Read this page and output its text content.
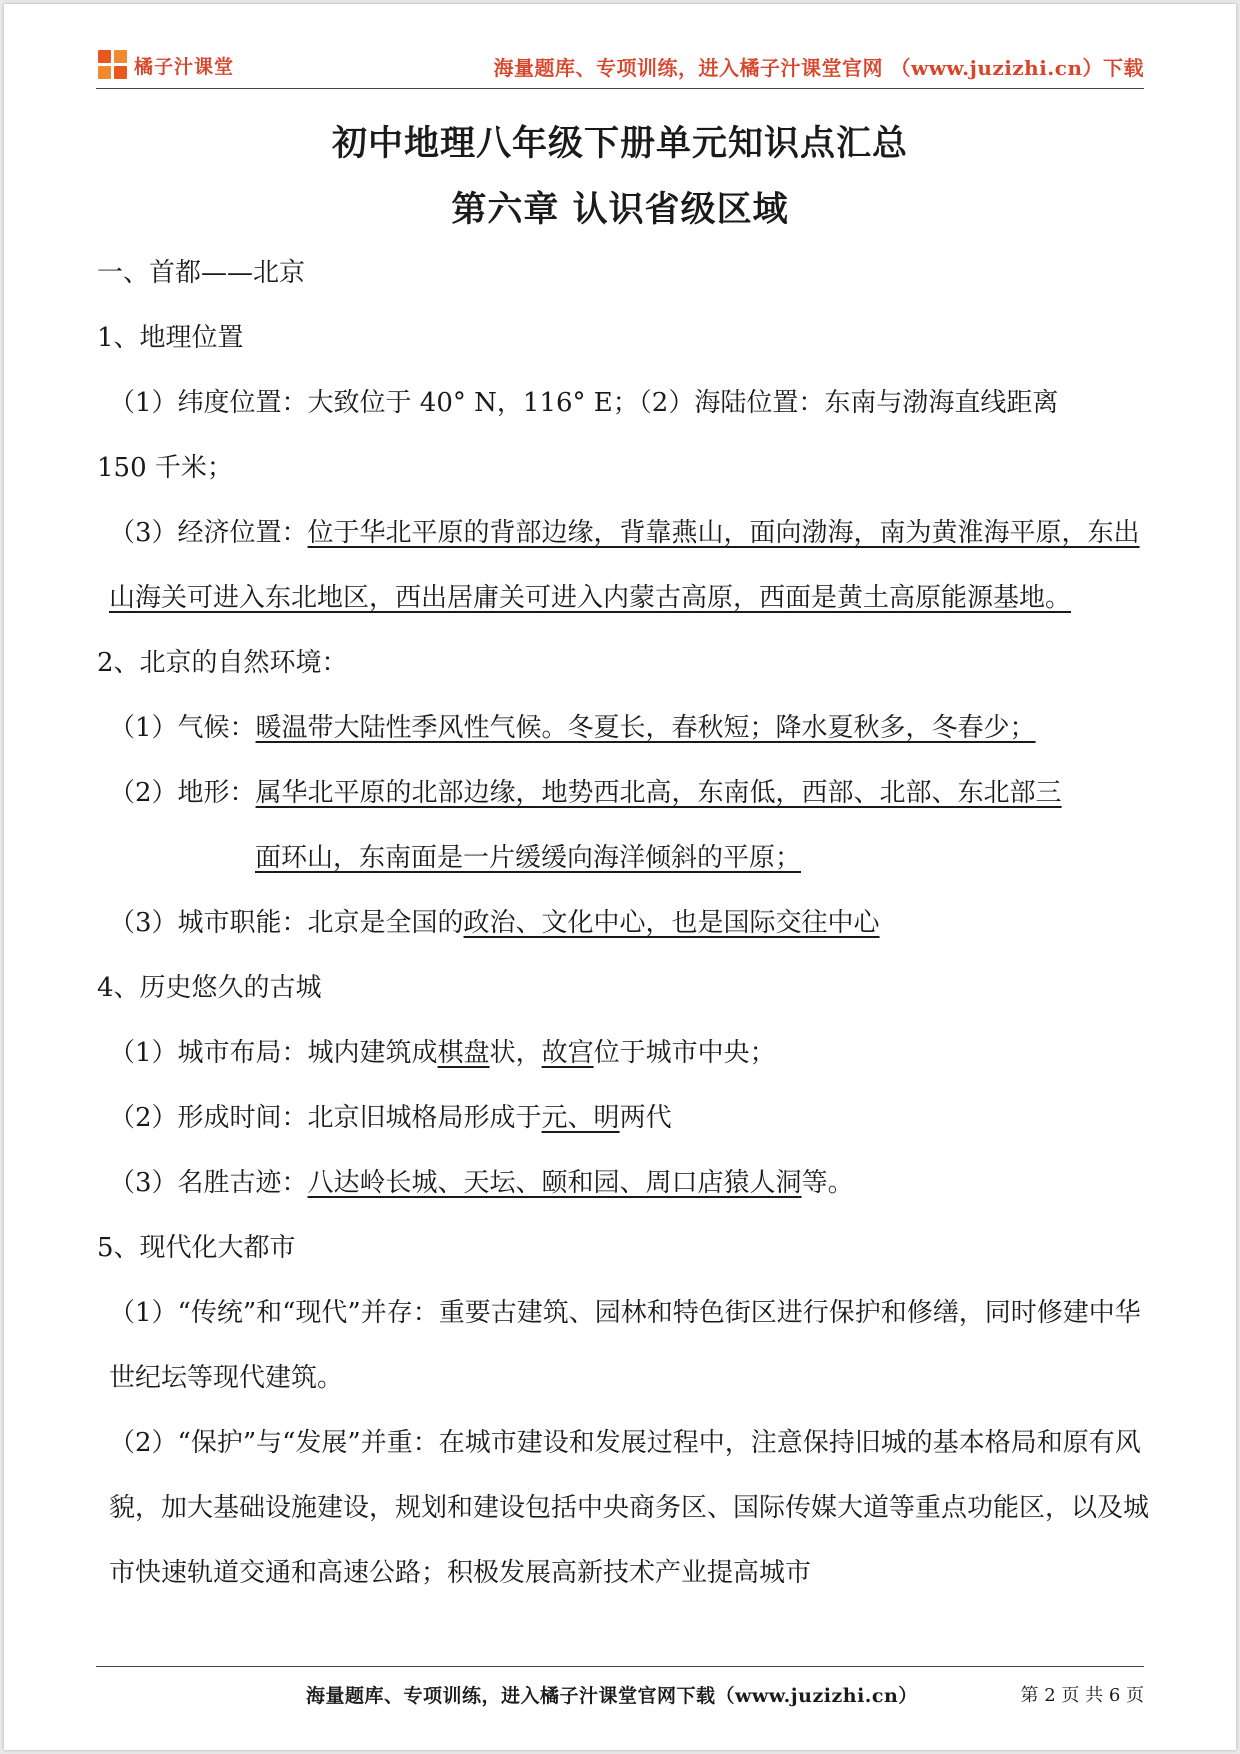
橘子汁课堂	海量题库、专项训练，进入橘子汁课堂官网 （www.juzizhi.cn）下载
初中地理八年级下册单元知识点汇总
第六章 认识省级区域

一、首都——北京

1、地理位置

（1）纬度位置：大致位于 40° N，116° E；（2）海陆位置：东南与渤海直线距离

150 千米；

（3）经济位置：位于华北平原的背部边缘，背靠燕山，面向渤海，南为黄淮海平原，东出山海关可进入东北地区，西出居庸关可进入内蒙古高原，西面是黄土高原能源基地。

2、北京的自然环境：

（1）气候：暖温带大陆性季风性气候。冬夏长，春秋短；降水夏秋多，冬春少；

（2）地形：属华北平原的北部边缘，地势西北高，东南低，西部、北部、东北部三

面环山，东南面是一片缓缓向海洋倾斜的平原；

（3）城市职能：北京是全国的政治、文化中心，也是国际交往中心

4、历史悠久的古城

（1）城市布局：城内建筑成棋盘状，故宫位于城市中央；

（2）形成时间：北京旧城格局形成于元、明两代

（3）名胜古迹：八达岭长城、天坛、颐和园、周口店猿人洞等。

5、现代化大都市

（1）“传统”和“现代”并存：重要古建筑、园林和特色街区进行保护和修缮，同时修建中华世纪坛等现代建筑。

（2）“保护”与“发展”并重：在城市建设和发展过程中，注意保持旧城的基本格局和原有风貌，加大基础设施建设，规划和建设包括中央商务区、国际传媒大道等重点功能区，以及城市快速轨道交通和高速公路；积极发展高新技术产业提高城市

海量题库、专项训练，进入橘子汁课堂官网下载（www.juzizhi.cn）	第 2 页 共 6 页
